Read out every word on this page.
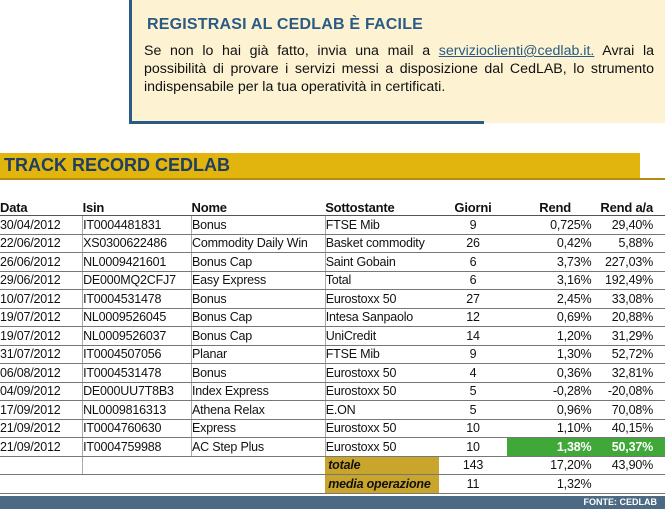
REGISTRASI AL CEDLAB È FACILE

Se non lo hai già fatto, invia una mail a servizioclienti@cedlab.it. Avrai la possibilità di provare i servizi messi a disposizione dal CedLAB, lo strumento indispensabile per la tua operatività in certificati.

TRACK RECORD CEDLAB
Data	Isin	Nome	Sottostante	Giorni	Rend	Rend a/a
30/04/2012	IT0004481831	Bonus	FTSE Mib	9	0,725%	29,40%
22/06/2012	XS0300622486	Commodity Daily Win	Basket commodity	26	0,42%	5,88%
26/06/2012	NL0009421601	Bonus Cap	Saint Gobain	6	3,73%	227,03%
29/06/2012	DE000MQ2CFJ7	Easy Express	Total	6	3,16%	192,49%
10/07/2012	IT0004531478	Bonus	Eurostoxx 50	27	2,45%	33,08%
19/07/2012	NL0009526045	Bonus Cap	Intesa Sanpaolo	12	0,69%	20,88%
19/07/2012	NL0009526037	Bonus Cap	UniCredit	14	1,20%	31,29%
31/07/2012	IT0004507056	Planar	FTSE Mib	9	1,30%	52,72%
06/08/2012	IT0004531478	Bonus	Eurostoxx 50	4	0,36%	32,81%
04/09/2012	DE000UU7T8B3	Index Express	Eurostoxx 50	5	-0,28%	-20,08%
17/09/2012	NL0009816313	Athena Relax	E.ON	5	0,96%	70,08%
21/09/2012	IT0004760630	Express	Eurostoxx 50	10	1,10%	40,15%
21/09/2012	IT0004759988	AC Step Plus	Eurostoxx 50	10	1,38%	50,37%
			totale	143	17,20%	43,90%
			media operazione	11	1,32%	
FONTE: CEDLAB
